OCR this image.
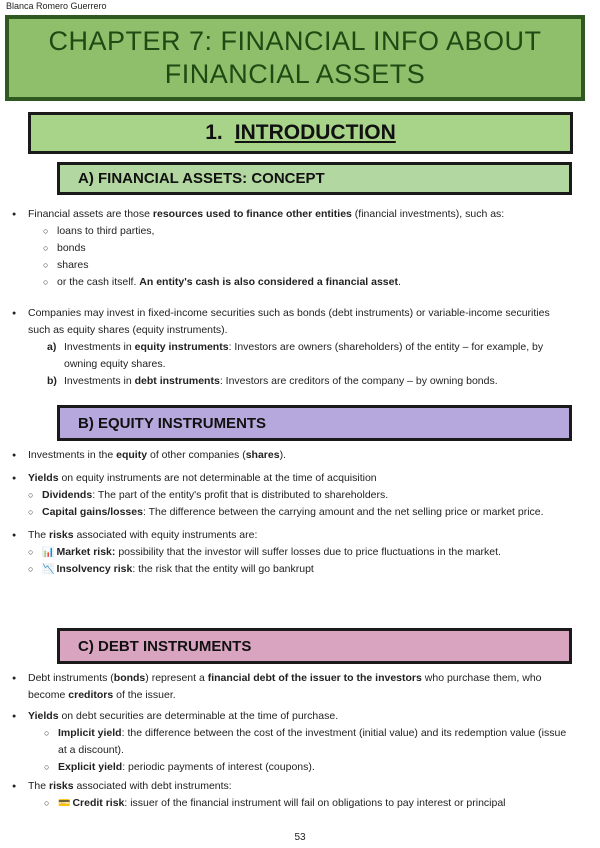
Blanca Romero Guerrero
CHAPTER 7: FINANCIAL INFO ABOUT FINANCIAL ASSETS
1. INTRODUCTION
A) FINANCIAL ASSETS: CONCEPT
● Financial assets are those resources used to finance other entities (financial investments), such as:
○ loans to third parties,
○ bonds
○ shares
○ or the cash itself. An entity's cash is also considered a financial asset.
● Companies may invest in fixed-income securities such as bonds (debt instruments) or variable-income securities such as equity shares (equity instruments).
a) Investments in equity instruments: Investors are owners (shareholders) of the entity – for example, by owning equity shares.
b) Investments in debt instruments: Investors are creditors of the company – by owning bonds.
B) EQUITY INSTRUMENTS
● Investments in the equity of other companies (shares).
● Yields on equity instruments are not determinable at the time of acquisition
○ Dividends: The part of the entity's profit that is distributed to shareholders.
○ Capital gains/losses: The difference between the carrying amount and the net selling price or market price.
● The risks associated with equity instruments are:
○ 📊 Market risk: possibility that the investor will suffer losses due to price fluctuations in the market.
○ 📉 Insolvency risk: the risk that the entity will go bankrupt
C) DEBT INSTRUMENTS
● Debt instruments (bonds) represent a financial debt of the issuer to the investors who purchase them, who become creditors of the issuer.
● Yields on debt securities are determinable at the time of purchase.
○ Implicit yield: the difference between the cost of the investment (initial value) and its redemption value (issue at a discount).
○ Explicit yield: periodic payments of interest (coupons).
● The risks associated with debt instruments:
○ 💳 Credit risk: issuer of the financial instrument will fail on obligations to pay interest or principal
53
